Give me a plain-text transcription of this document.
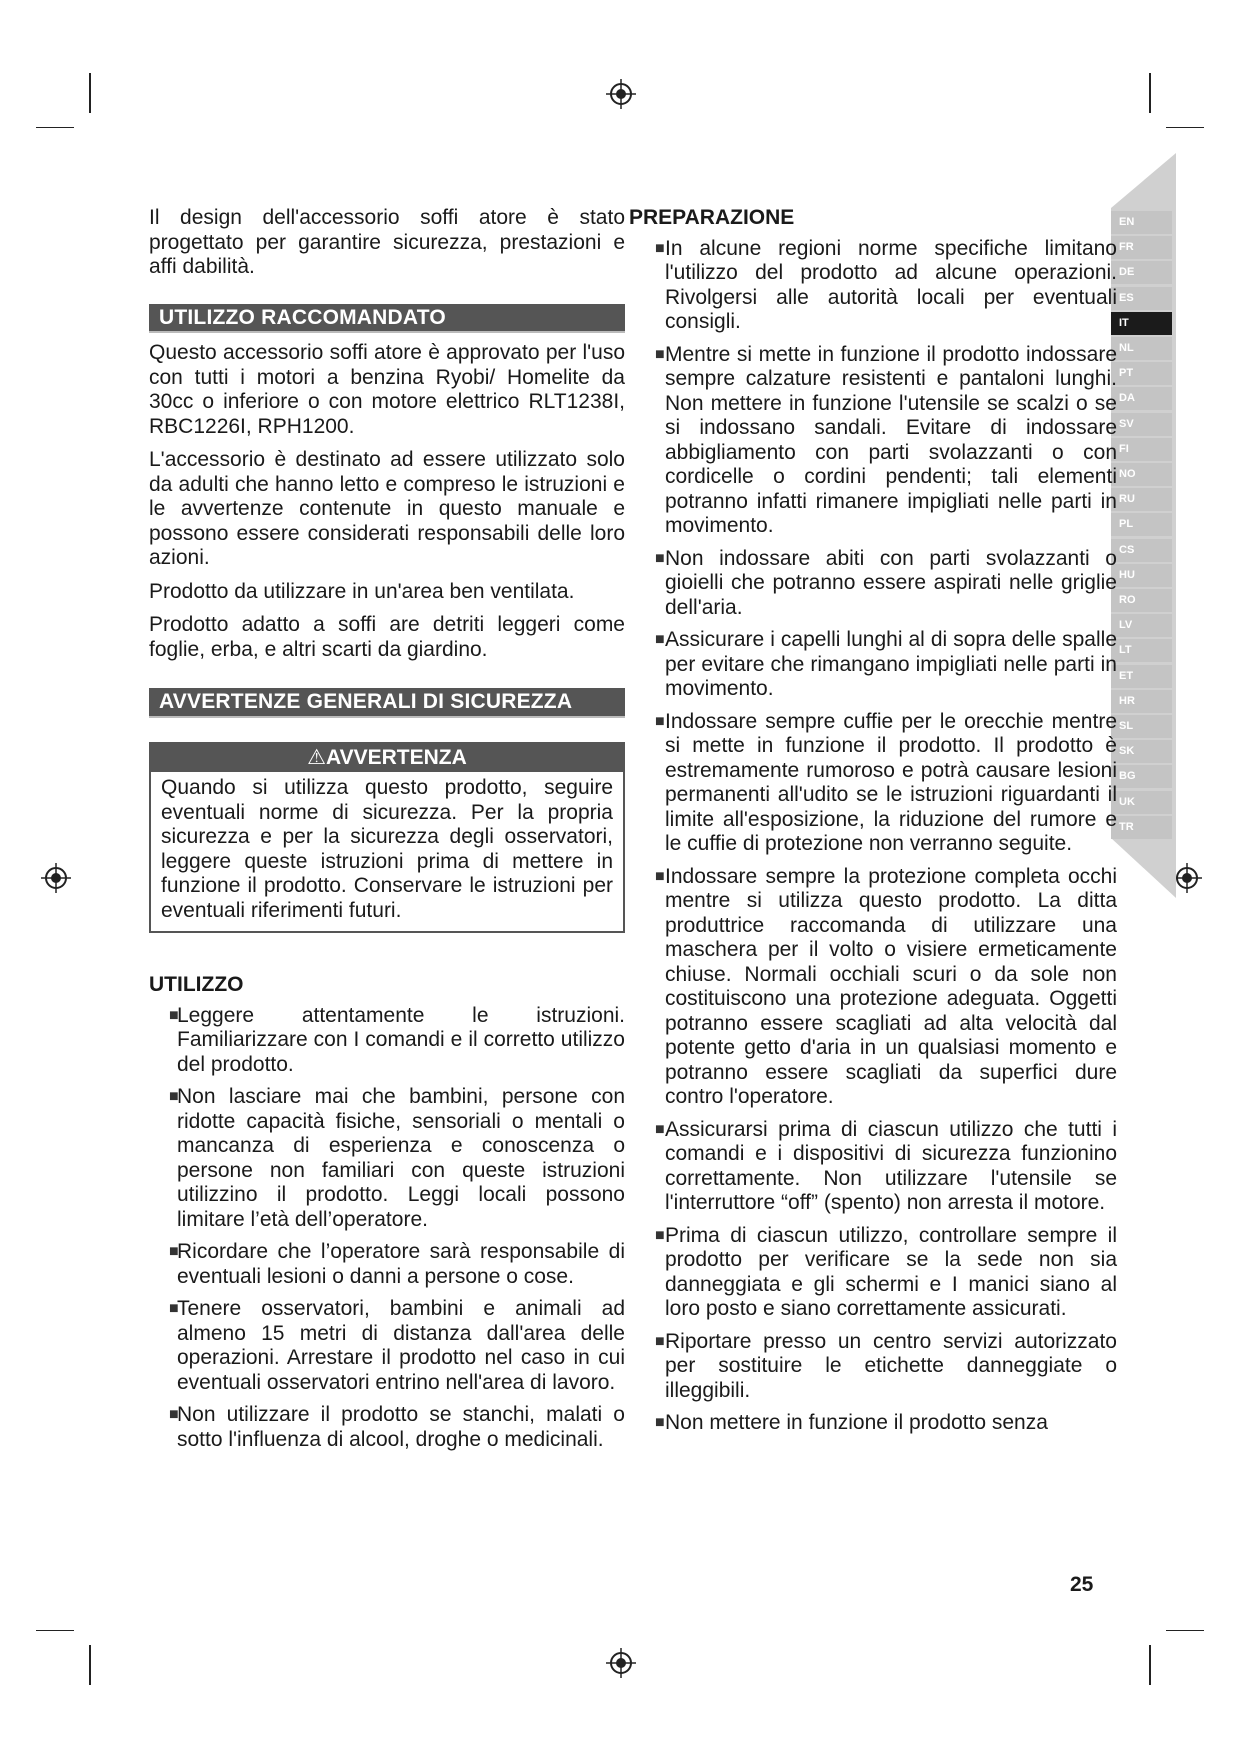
EN
FR
DE
ES
IT
NL
PT
DA
SV
FI
NO
RU
PL
CS
HU
RO
LV
LT
ET
HR
SL
SK
BG
UK
TR

Il design dell'accessorio soffi atore è stato progettato per garantire sicurezza, prestazioni e affi dabilità.

UTILIZZO RACCOMANDATO

Questo accessorio soffi atore è approvato per l'uso con tutti i motori a benzina Ryobi/ Homelite da 30cc o inferiore o con motore elettrico RLT1238I, RBC1226I, RPH1200.

L'accessorio è destinato ad essere utilizzato solo da adulti che hanno letto e compreso le istruzioni e le avvertenze contenute in questo manuale e possono essere considerati responsabili delle loro azioni.

Prodotto da utilizzare in un'area ben ventilata.

Prodotto adatto a soffi are detriti leggeri come foglie, erba, e altri scarti da giardino.

AVVERTENZE GENERALI DI SICUREZZA
⚠AVVERTENZA
Quando si utilizza questo prodotto, seguire eventuali norme di sicurezza. Per la propria sicurezza e per la sicurezza degli osservatori, leggere queste istruzioni prima di mettere in funzione il prodotto. Conservare le istruzioni per eventuali riferimenti futuri.
UTILIZZO
■ Leggere attentamente le istruzioni. Familiarizzare con I comandi e il corretto utilizzo del prodotto.
■ Non lasciare mai che bambini, persone con ridotte capacità fisiche, sensoriali o mentali o mancanza di esperienza e conoscenza o persone non familiari con queste istruzioni utilizzino il prodotto. Leggi locali possono limitare l’età dell’operatore.
■ Ricordare che l’operatore sarà responsabile di eventuali lesioni o danni a persone o cose.
■ Tenere osservatori, bambini e animali ad almeno 15 metri di distanza dall'area delle operazioni. Arrestare il prodotto nel caso in cui eventuali osservatori entrino nell'area di lavoro.
■ Non utilizzare il prodotto se stanchi, malati o sotto l'influenza di alcool, droghe o medicinali.
PREPARAZIONE
■ In alcune regioni norme specifiche limitano l'utilizzo del prodotto ad alcune operazioni. Rivolgersi alle autorità locali per eventuali consigli.
■ Mentre si mette in funzione il prodotto indossare sempre calzature resistenti e pantaloni lunghi. Non mettere in funzione l'utensile se scalzi o se si indossano sandali. Evitare di indossare abbigliamento con parti svolazzanti o con cordicelle o cordini pendenti; tali elementi potranno infatti rimanere impigliati nelle parti in movimento.
■ Non indossare abiti con parti svolazzanti o gioielli che potranno essere aspirati nelle griglie dell'aria.
■ Assicurare i capelli lunghi al di sopra delle spalle per evitare che rimangano impigliati nelle parti in movimento.
■ Indossare sempre cuffie per le orecchie mentre si mette in funzione il prodotto. Il prodotto è estremamente rumoroso e potrà causare lesioni permanenti all'udito se le istruzioni riguardanti il limite all'esposizione, la riduzione del rumore e le cuffie di protezione non verranno seguite.
■ Indossare sempre la protezione completa occhi mentre si utilizza questo prodotto. La ditta produttrice raccomanda di utilizzare una maschera per il volto o visiere ermeticamente chiuse. Normali occhiali scuri o da sole non costituiscono una protezione adeguata. Oggetti potranno essere scagliati ad alta velocità dal potente getto d'aria in un qualsiasi momento e potranno essere scagliati da superfici dure contro l'operatore.
■ Assicurarsi prima di ciascun utilizzo che tutti i comandi e i dispositivi di sicurezza funzionino correttamente. Non utilizzare l'utensile se l'interruttore “off” (spento) non arresta il motore.
■ Prima di ciascun utilizzo, controllare sempre il prodotto per verificare se la sede non sia danneggiata e gli schermi e I manici siano al loro posto e siano correttamente assicurati.
■ Riportare presso un centro servizi autorizzato per sostituire le etichette danneggiate o illeggibili.
■ Non mettere in funzione il prodotto senza
25
